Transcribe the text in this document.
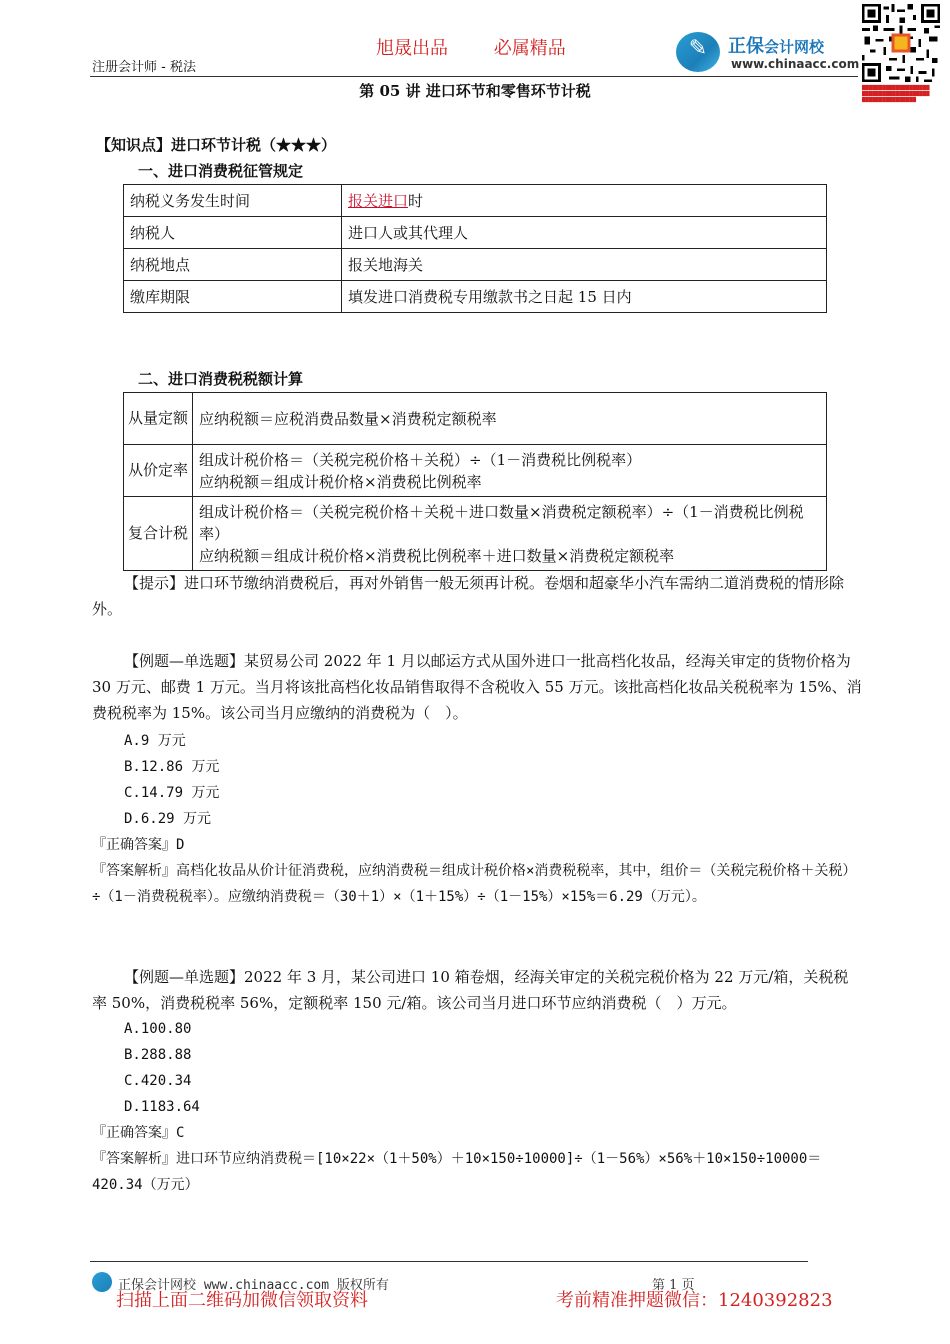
旭晟出品	必属精品
注册会计师 - 税法
✎ 正保会计网校
www.chinaacc.com
████████████████████ ████████████████████ ████████████████
第 05 讲 进口环节和零售环节计税
【知识点】进口环节计税（★★★）
一、进口消费税征管规定
纳税义务发生时间	报关进口时
纳税人	进口人或其代理人
纳税地点	报关地海关
缴库期限	填发进口消费税专用缴款书之日起 15 日内
二、进口消费税税额计算
从量定额	应纳税额＝应税消费品数量×消费税定额税率

从价定率	组成计税价格＝（关税完税价格＋关税）÷（1－消费税比例税率）
应纳税额＝组成计税价格×消费税比例税率

复合计税	组成计税价格＝（关税完税价格＋关税＋进口数量×消费税定额税率）÷（1－消费税比例税率）
应纳税额＝组成计税价格×消费税比例税率＋进口数量×消费税定额税率
【提示】进口环节缴纳消费税后，再对外销售一般无须再计税。卷烟和超豪华小汽车需纳二道消费税的情形除外。
【例题—单选题】某贸易公司 2022 年 1 月以邮运方式从国外进口一批高档化妆品，经海关审定的货物价格为 30 万元、邮费 1 万元。当月将该批高档化妆品销售取得不含税收入 55 万元。该批高档化妆品关税税率为 15%、消费税税率为 15%。该公司当月应缴纳的消费税为（　）。
A.9 万元
B.12.86 万元
C.14.79 万元
D.6.29 万元
『正确答案』D
『答案解析』高档化妆品从价计征消费税，应纳消费税＝组成计税价格×消费税税率，其中，组价＝（关税完税价格＋关税）÷（1－消费税税率）。应缴纳消费税＝（30＋1）×（1＋15%）÷（1－15%）×15%＝6.29（万元）。
【例题—单选题】2022 年 3 月，某公司进口 10 箱卷烟，经海关审定的关税完税价格为 22 万元/箱，关税税率 50%，消费税税率 56%，定额税率 150 元/箱。该公司当月进口环节应纳消费税（　）万元。
A.100.80
B.288.88
C.420.34
D.1183.64
『正确答案』C
『答案解析』进口环节应纳消费税＝[10×22×（1＋50%）＋10×150÷10000]÷（1－56%）×56%＋10×150÷10000＝420.34（万元）
正保会计网校 www.chinaacc.com 版权所有	第 1 页
扫描上面二维码加微信领取资料	考前精准押题微信：1240392823
